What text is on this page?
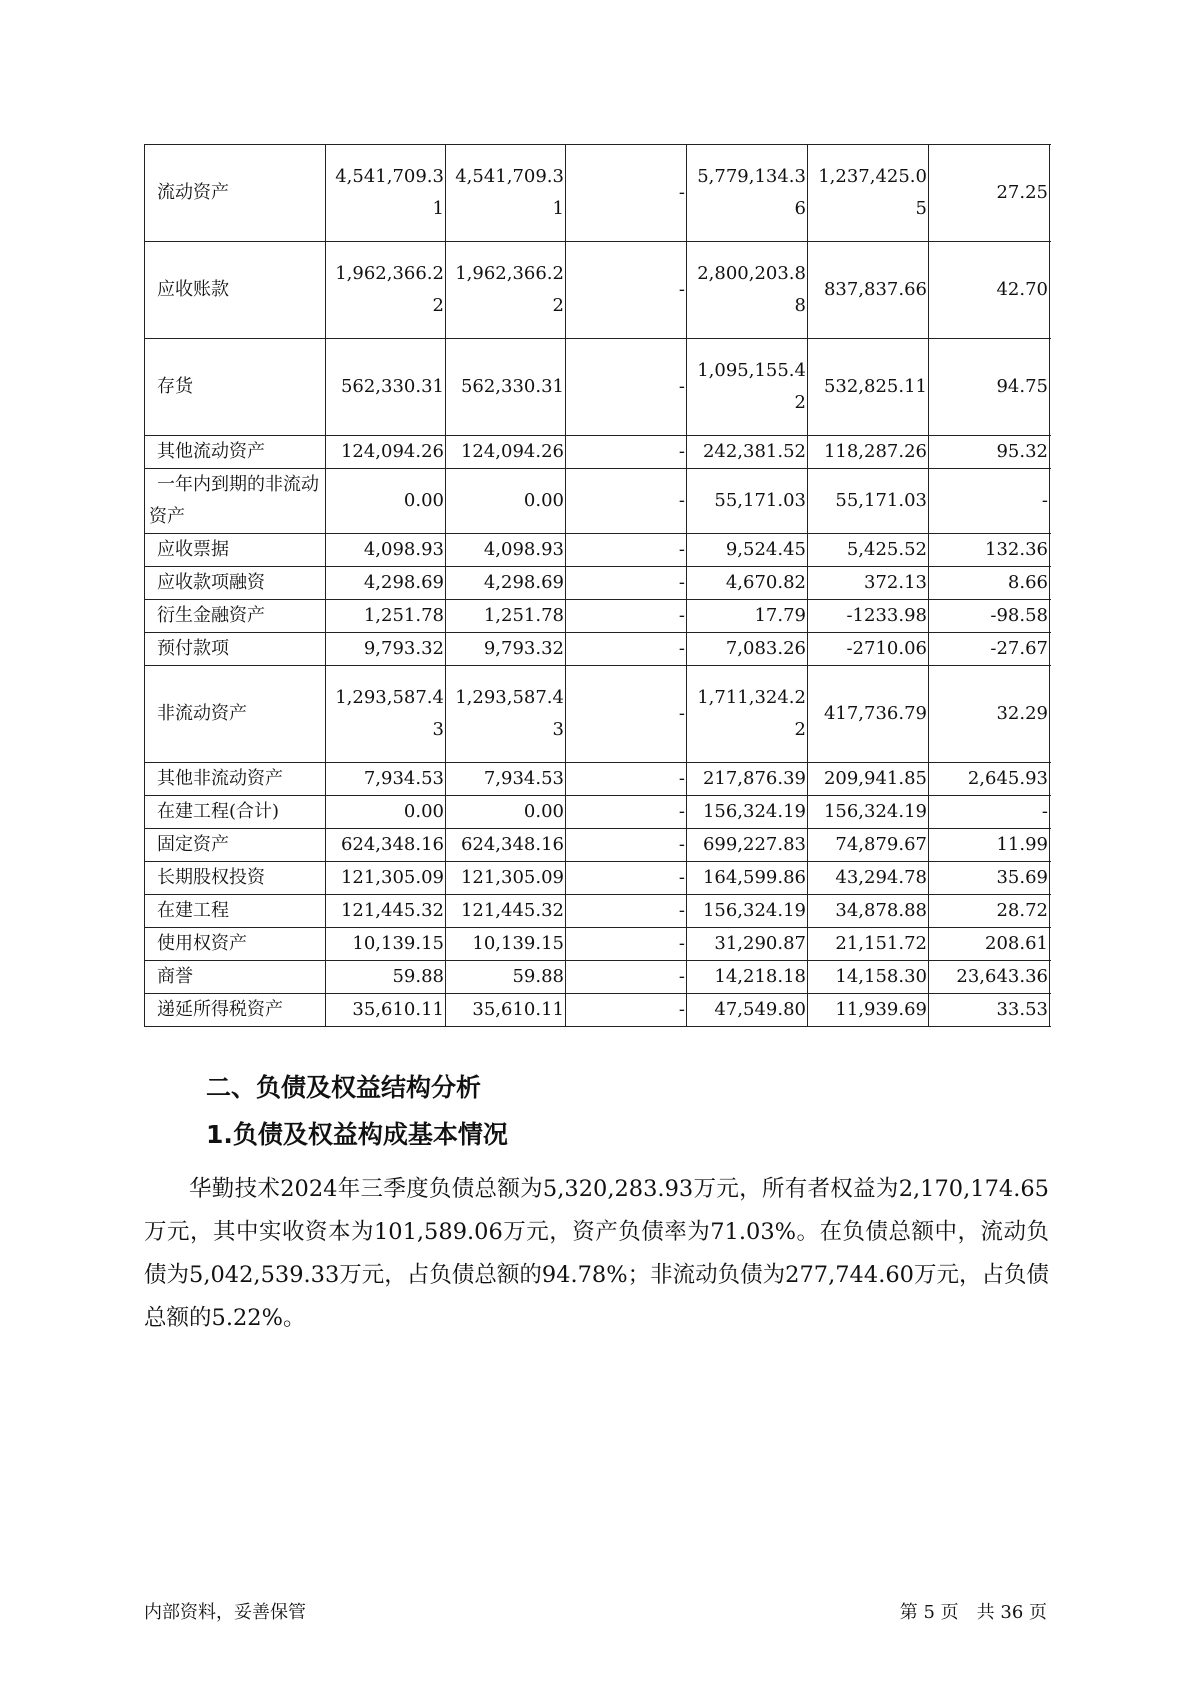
流动资产	4,541,709.31	4,541,709.31	-	5,779,134.36	1,237,425.05	27.25
应收账款	1,962,366.22	1,962,366.22	-	2,800,203.88	837,837.66	42.70
存货	562,330.31	562,330.31	-	1,095,155.42	532,825.11	94.75
其他流动资产	124,094.26	124,094.26	-	242,381.52	118,287.26	95.32
一年内到期的非流动资产	0.00	0.00	-	55,171.03	55,171.03	-
应收票据	4,098.93	4,098.93	-	9,524.45	5,425.52	132.36
应收款项融资	4,298.69	4,298.69	-	4,670.82	372.13	8.66
衍生金融资产	1,251.78	1,251.78	-	17.79	-1233.98	-98.58
预付款项	9,793.32	9,793.32	-	7,083.26	-2710.06	-27.67
非流动资产	1,293,587.43	1,293,587.43	-	1,711,324.22	417,736.79	32.29
其他非流动资产	7,934.53	7,934.53	-	217,876.39	209,941.85	2,645.93
在建工程(合计)	0.00	0.00	-	156,324.19	156,324.19	-
固定资产	624,348.16	624,348.16	-	699,227.83	74,879.67	11.99
长期股权投资	121,305.09	121,305.09	-	164,599.86	43,294.78	35.69
在建工程	121,445.32	121,445.32	-	156,324.19	34,878.88	28.72
使用权资产	10,139.15	10,139.15	-	31,290.87	21,151.72	208.61
商誉	59.88	59.88	-	14,218.18	14,158.30	23,643.36
递延所得税资产	35,610.11	35,610.11	-	47,549.80	11,939.69	33.53
二、负债及权益结构分析
1.负债及权益构成基本情况

华勤技术2024年三季度负债总额为5,320,283.93万元，所有者权益为2,170,174.65万元，其中实收资本为101,589.06万元，资产负债率为71.03%。在负债总额中，流动负债为5,042,539.33万元，占负债总额的94.78%；非流动负债为277,744.60万元，占负债总额的5.22%。

内部资料，妥善保管	第 5 页　共 36 页
